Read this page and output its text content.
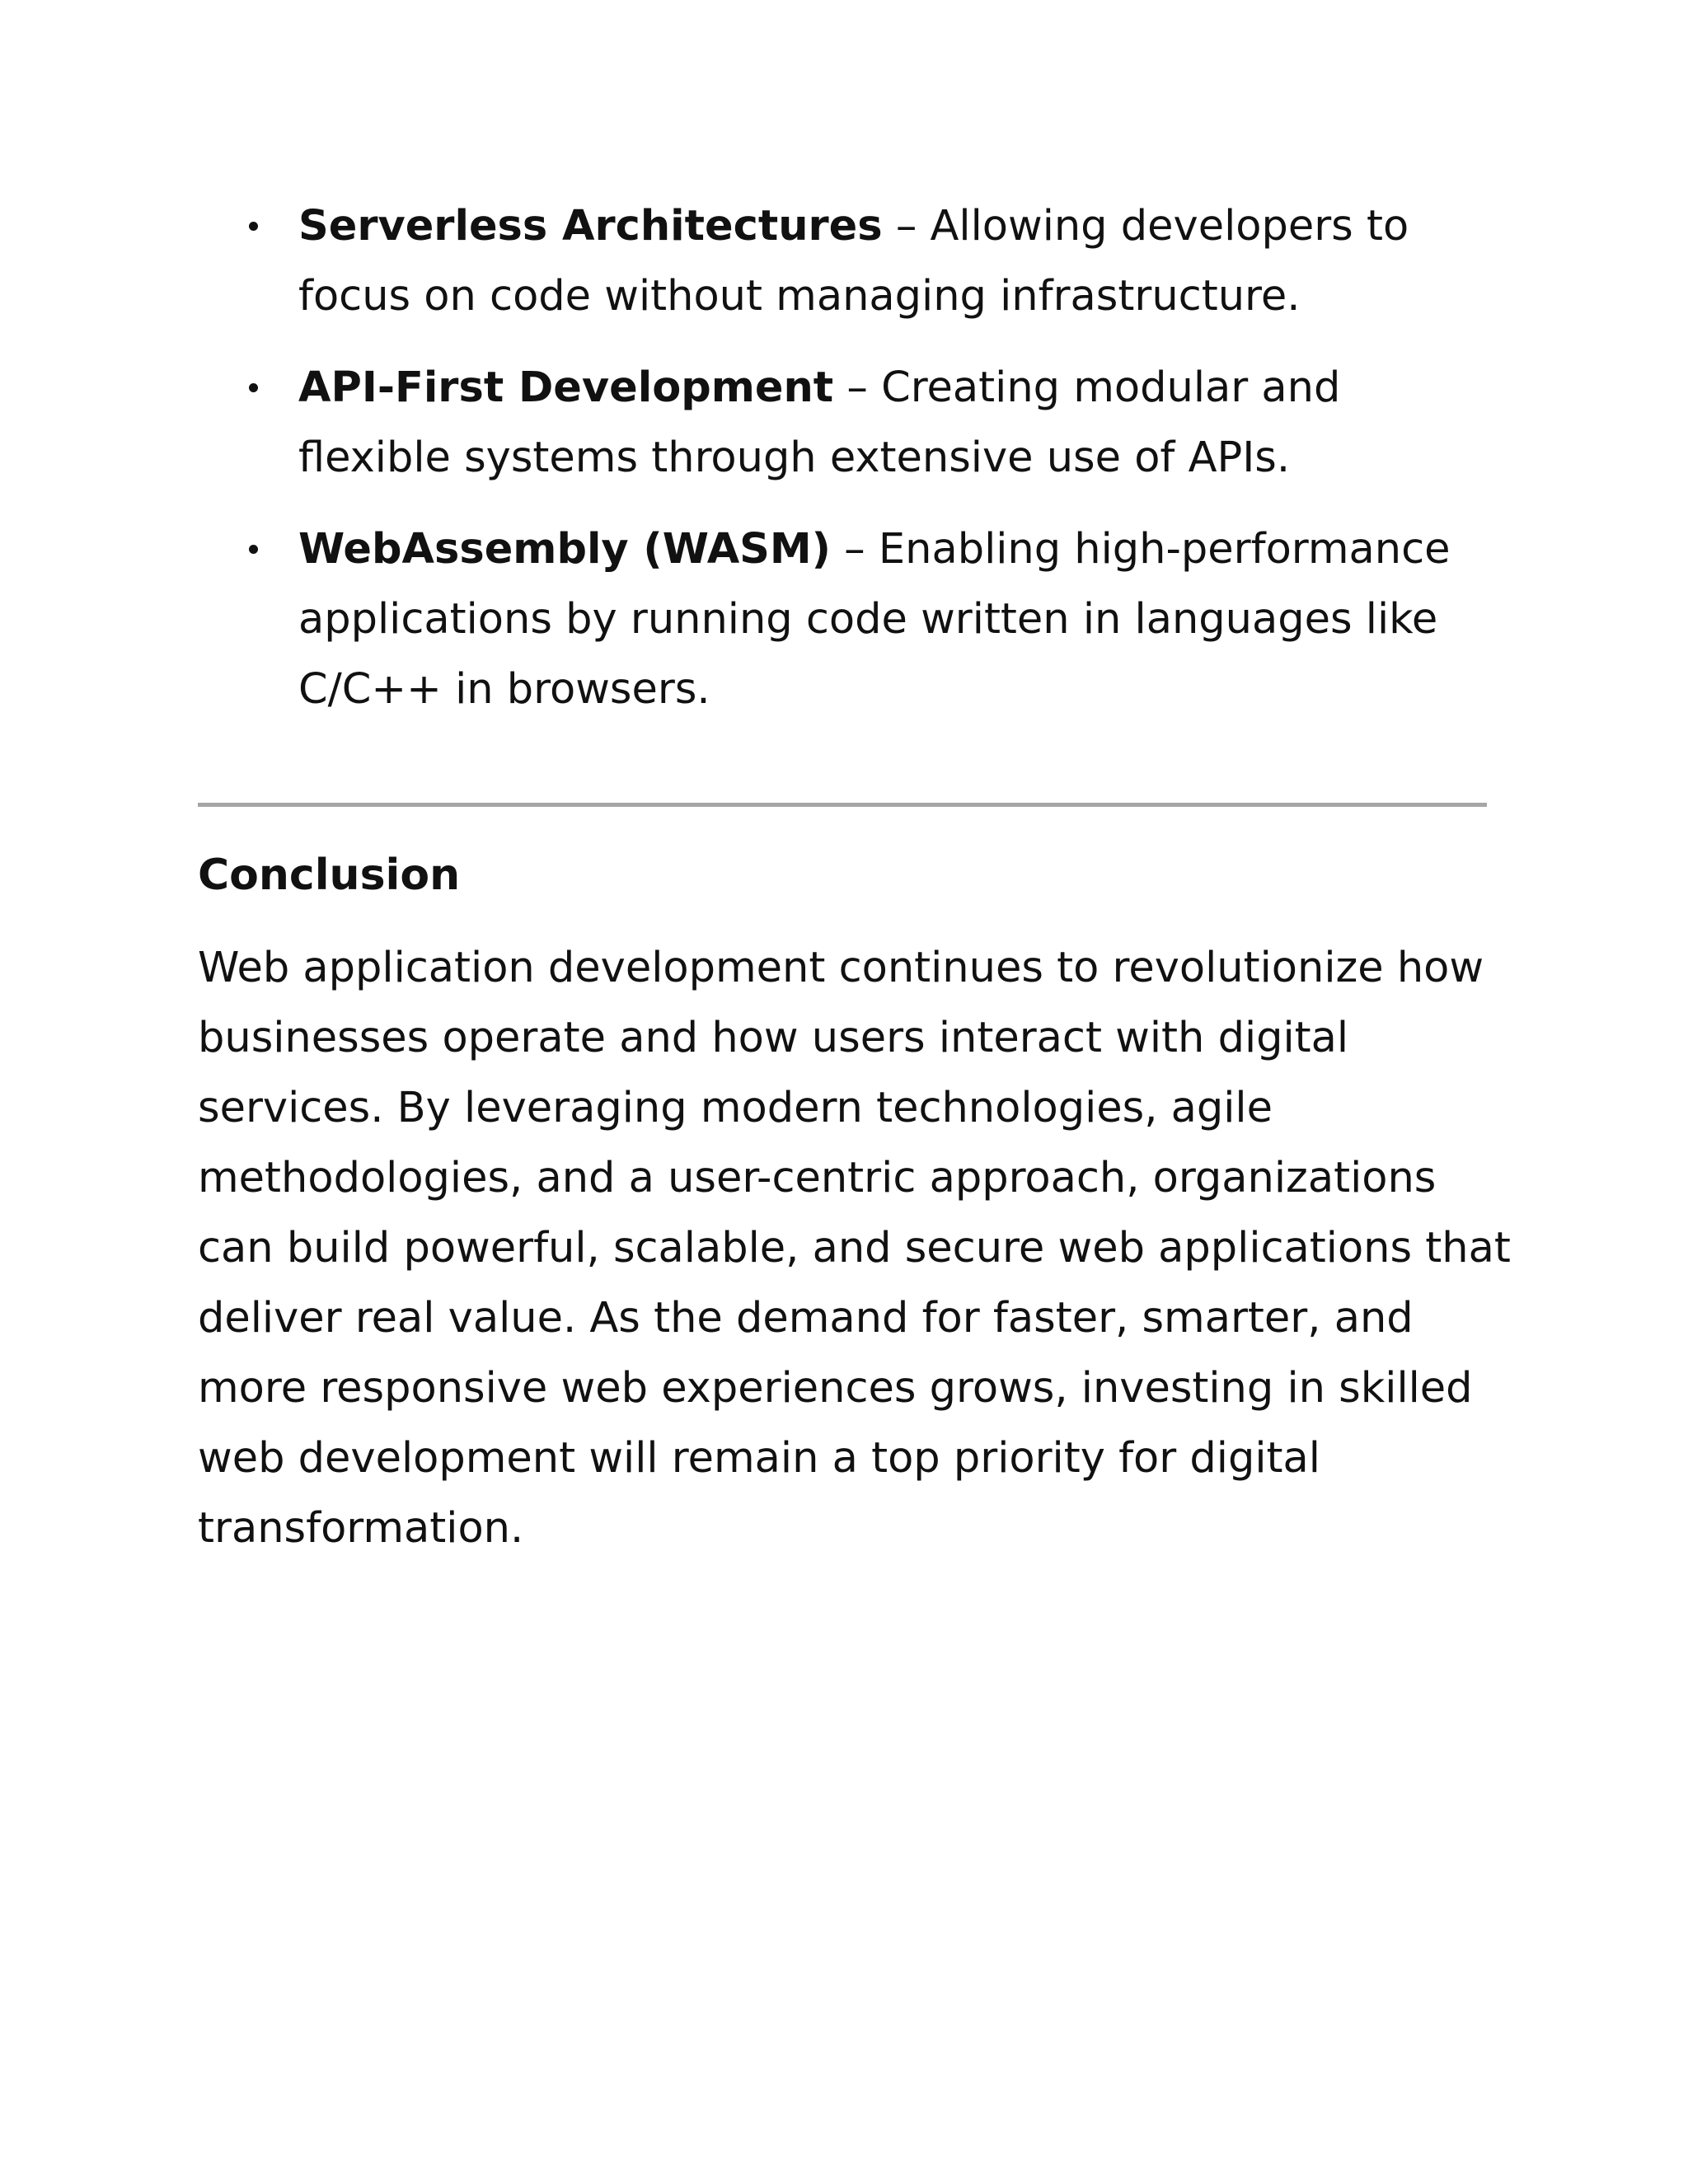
Serverless Architectures – Allowing developers to focus on code without managing infrastructure.
API-First Development – Creating modular and flexible systems through extensive use of APIs.
WebAssembly (WASM) – Enabling high-performance applications by running code written in languages like C/C++ in browsers.
Conclusion

Web application development continues to revolutionize how businesses operate and how users interact with digital services. By leveraging modern technologies, agile methodologies, and a user-centric approach, organizations can build powerful, scalable, and secure web applications that deliver real value. As the demand for faster, smarter, and more responsive web experiences grows, investing in skilled web development will remain a top priority for digital transformation.
